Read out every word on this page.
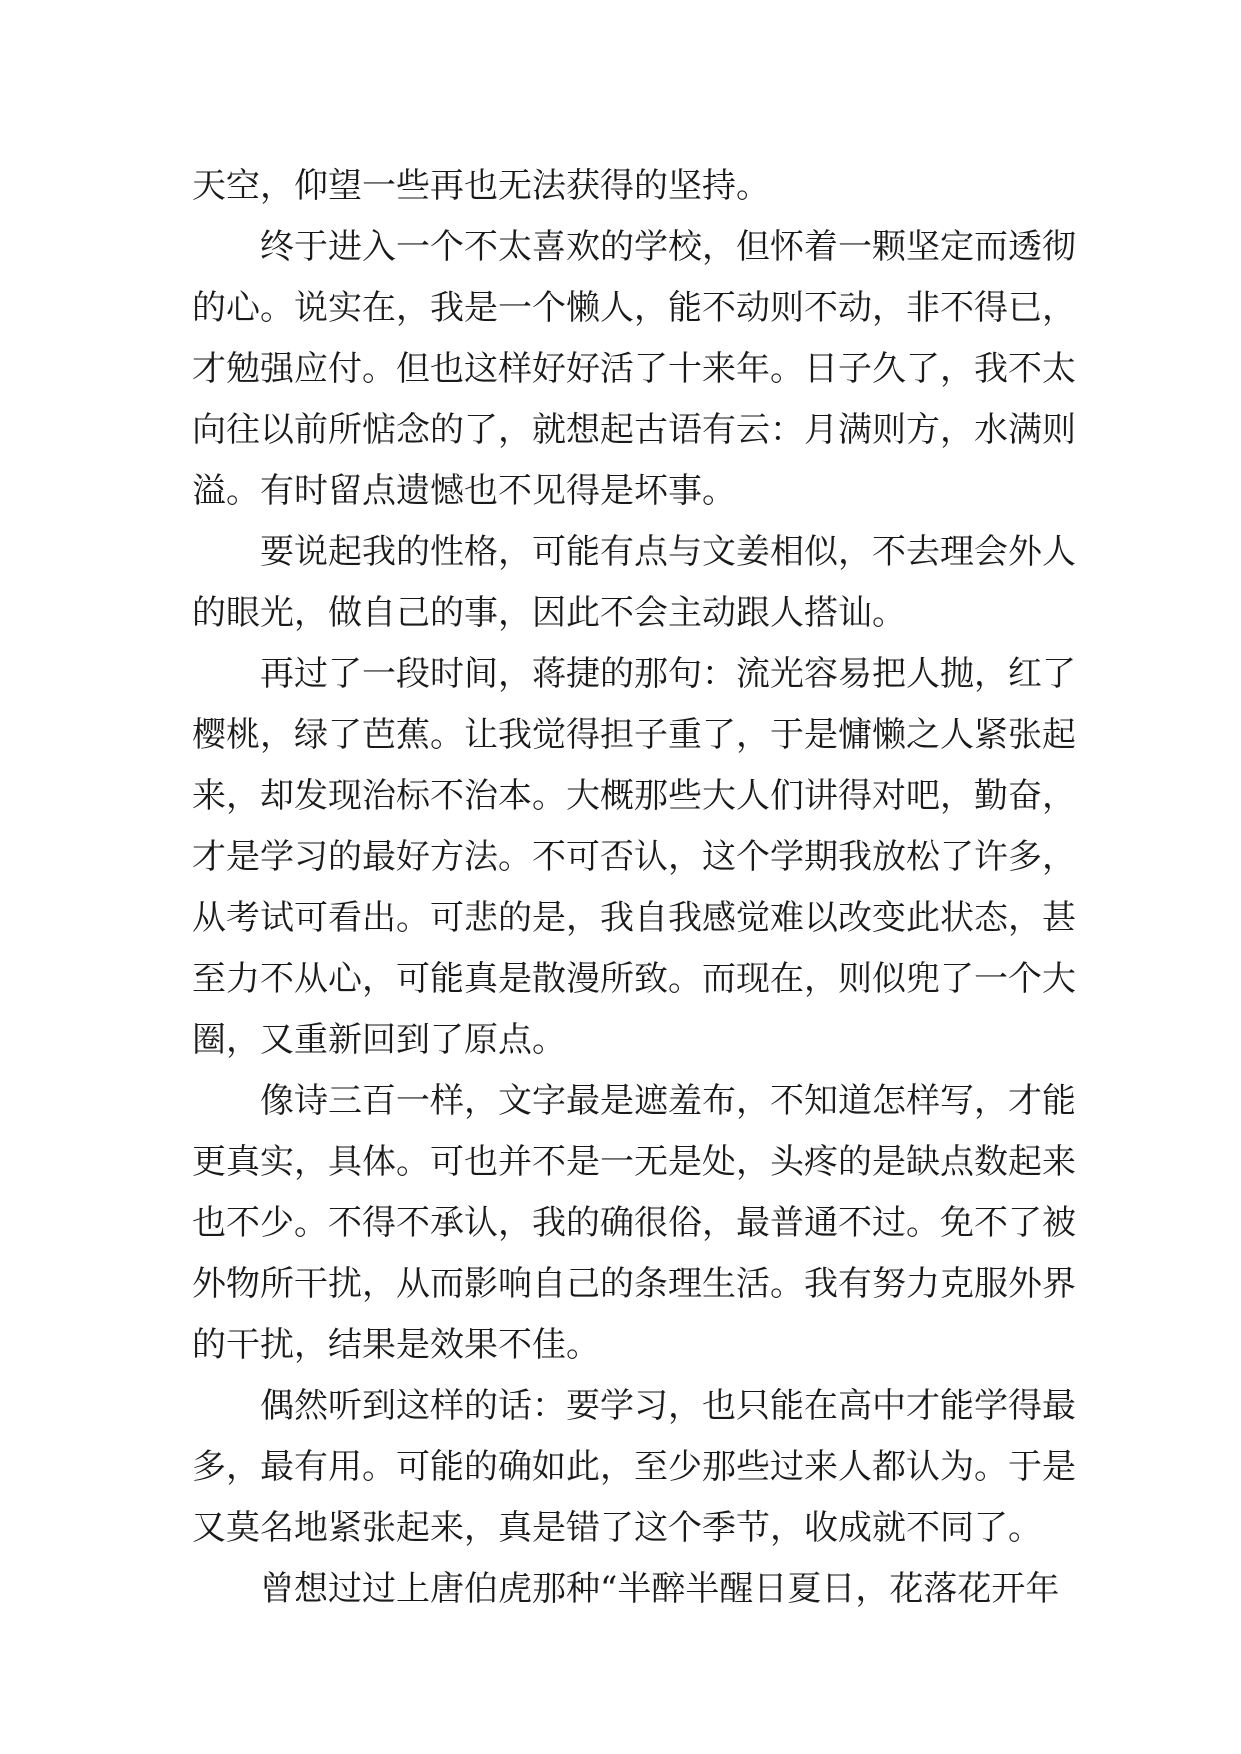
天空，仰望一些再也无法获得的坚持。
终于进入一个不太喜欢的学校，但怀着一颗坚定而透彻
的心。说实在，我是一个懒人，能不动则不动，非不得已，
才勉强应付。但也这样好好活了十来年。日子久了，我不太
向往以前所惦念的了，就想起古语有云：月满则方，水满则
溢。有时留点遗憾也不见得是坏事。
要说起我的性格，可能有点与文姜相似，不去理会外人
的眼光，做自己的事，因此不会主动跟人搭讪。
再过了一段时间，蒋捷的那句：流光容易把人抛，红了
樱桃，绿了芭蕉。让我觉得担子重了，于是慵懒之人紧张起
来，却发现治标不治本。大概那些大人们讲得对吧，勤奋，
才是学习的最好方法。不可否认，这个学期我放松了许多，
从考试可看出。可悲的是，我自我感觉难以改变此状态，甚
至力不从心，可能真是散漫所致。而现在，则似兜了一个大
圈，又重新回到了原点。
像诗三百一样，文字最是遮羞布，不知道怎样写，才能
更真实，具体。可也并不是一无是处，头疼的是缺点数起来
也不少。不得不承认，我的确很俗，最普通不过。免不了被
外物所干扰，从而影响自己的条理生活。我有努力克服外界
的干扰，结果是效果不佳。
偶然听到这样的话：要学习，也只能在高中才能学得最
多，最有用。可能的确如此，至少那些过来人都认为。于是
又莫名地紧张起来，真是错了这个季节，收成就不同了。
曾想过过上唐伯虎那种“半醉半醒日夏日，花落花开年
